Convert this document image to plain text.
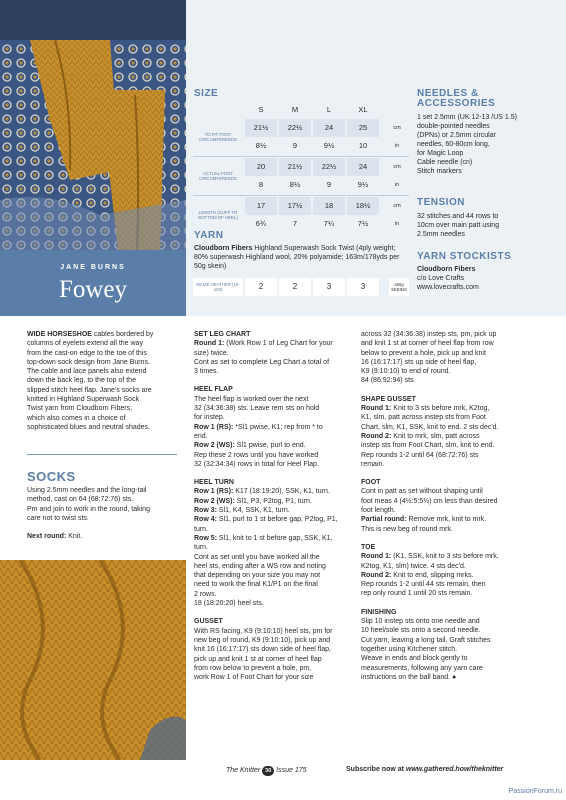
JANE BURNS
Fowey
SIZE
S	M	L	XL
TO FIT FOOT CIRCUMFERENCE
21½	22½	24	25	cm
8½	9	9½	10	in
ACTUAL FOOT CIRCUMFERENCE
20	21½	22½	24	cm
8	8½	9	9½	in
LENGTH (CUFF TO BOTTOM OF HEEL)
17	17½	18	18½	cm
6¾	7	7¼	7½	in
YARN
Cloudborn Fibers Highland Superwash Sock Twist (4ply weight; 80% superwash Highland wool, 20% polyamide; 163m/178yds per 50g skein)
MAIZE HEATHER (19-103)	2	2	3	3	x50g SKEINS
NEEDLES & ACCESSORIES

1 set 2.5mm (UK 12-13 /US 1.5)

double-pointed needles

(DPNs) or 2.5mm circular

needles, 60-80cm long,

for Magic Loop

Cable needle (cn)

Stitch markers

TENSION

32 stitches and 44 rows to

10cm over main patt using

2.5mm needles

YARN STOCKISTS

Cloudborn Fibers

c/o Love Crafts

www.lovecrafts.com

WIDE HORSESHOE cables bordered by

columns of eyelets extend all the way

from the cast-on edge to the toe of this

top-down sock design from Jane Burns.

The cable and lace panels also extend

down the back leg, to the top of the

slipped stitch heel flap. Jane's socks are

knitted in Highland Superwash Sock

Twist yarn from Cloudborn Fibers,

which also comes in a choice of

sophisticated blues and neutral shades.

SOCKS

Using 2.5mm needles and the long-tail

method, cast on 64 (68:72:76) sts.

Pm and join to work in the round, taking

care not to twist sts.

Next round: Knit.

SET LEG CHART

Round 1: (Work Row 1 of Leg Chart for your

size) twice.

Cont as set to complete Leg Chart a total of

3 times.

HEEL FLAP

The heel flap is worked over the next

32 (34:36:38) sts. Leave rem sts on hold

for instep.

Row 1 (RS): *Sl1 pwise, K1; rep from * to

end.

Row 2 (WS): Sl1 pwise, purl to end.

Rep these 2 rows until you have worked

32 (32:34:34) rows in total for Heel Flap.

HEEL TURN

Row 1 (RS): K17 (18:19:20), SSK, K1, turn.

Row 2 (WS): Sl1, P3, P2tog, P1, turn.

Row 3: Sl1, K4, SSK, K1, turn.

Row 4: Sl1, purl to 1 st before gap, P2tog, P1,

turn.

Row 5: Sl1, knit to 1 st before gap, SSK, K1,

turn.

Cont as set until you have worked all the

heel sts, ending after a WS row and noting

that depending on your size you may not

need to work the final K1/P1 on the final

2 rows.

18 (18:20:20) heel sts.

GUSSET

With RS facing, K9 (9:10:10) heel sts, pm for

new beg of round, K9 (9:10:10), pick up and

knit 16 (16:17:17) sts down side of heel flap,

pick up and knit 1 st at corner of heel flap

from row below to prevent a hole, pm,

work Row 1 of Foot Chart for your size

across 32 (34:36:38) instep sts, pm, pick up

and knit 1 st at corner of heel flap from row

below to prevent a hole, pick up and knit

16 (16:17:17) sts up side of heel flap,

K9 (9:10:10) to end of round.

84 (86:92:94) sts.

SHAPE GUSSET

Round 1: Knit to 3 sts before mrk, K2tog,

K1, slm, patt across instep sts from Foot

Chart, slm, K1, SSK, knit to end. 2 sts dec'd.

Round 2: Knit to mrk, slm, patt across

instep sts from Foot Chart, slm, knit to end.

Rep rounds 1-2 until 64 (68:72:76) sts

remain.

FOOT

Cont in patt as set without shaping until

foot meas 4 (4½:5:5½) cm less than desired

foot length.

Partial round: Remove mrk, knit to mrk.

This is new beg of round mrk.

TOE

Round 1: (K1, SSK, knit to 3 sts before mrk,

K2tog, K1, slm) twice. 4 sts dec'd.

Round 2: Knit to end, slipping mrks.

Rep rounds 1-2 until 44 sts remain, then

rep only round 1 until 20 sts remain.

FINISHING

Slip 10 instep sts onto one needle and

10 heel/sole sts onto a second needle.

Cut yarn, leaving a long tail. Graft stitches

together using Kitchener stitch.

Weave in ends and block gently to

measurements, following any yarn care

instructions on the ball band. ●

The Knitter 30 Issue 175	Subscribe now at www.gathered.how/theknitter
PassionForum.ru
